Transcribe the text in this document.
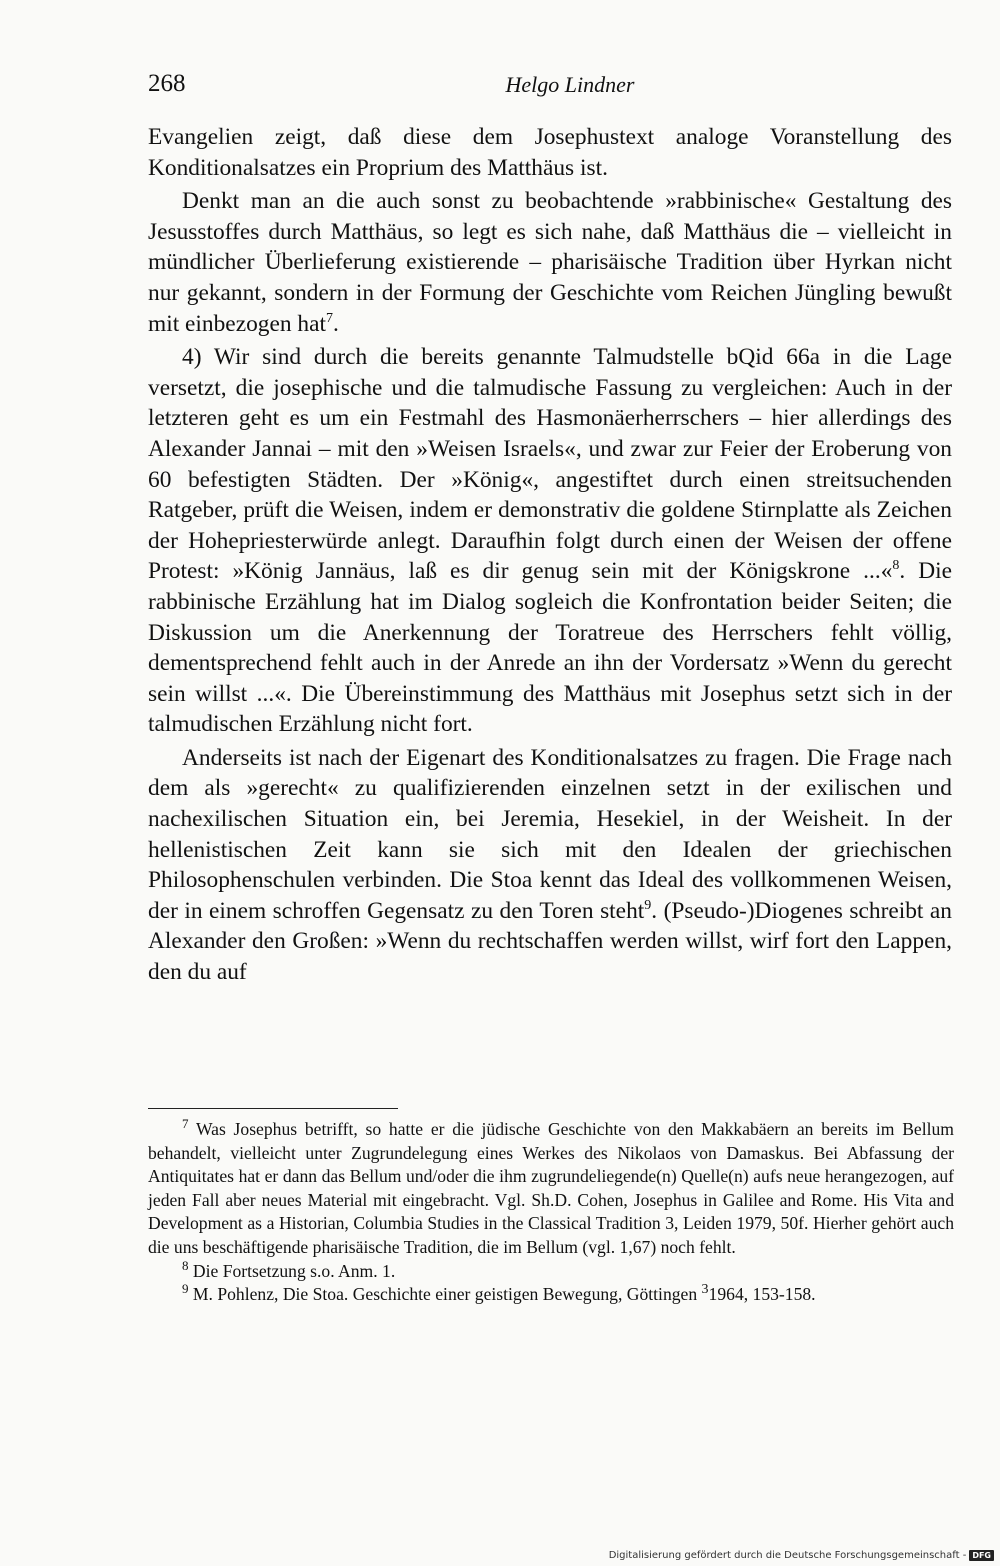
268	Helgo Lindner

Evangelien zeigt, daß diese dem Josephustext analoge Voranstellung des Konditionalsatzes ein Proprium des Matthäus ist.

Denkt man an die auch sonst zu beobachtende »rabbinische« Gestaltung des Jesusstoffes durch Matthäus, so legt es sich nahe, daß Matthäus die – vielleicht in mündlicher Überlieferung existierende – pharisäische Tradition über Hyrkan nicht nur gekannt, sondern in der Formung der Geschichte vom Reichen Jüngling bewußt mit einbezogen hat$^7$.

4) Wir sind durch die bereits genannte Talmudstelle bQid 66a in die Lage versetzt, die josephische und die talmudische Fassung zu vergleichen: Auch in der letzteren geht es um ein Festmahl des Hasmonäerherrschers – hier allerdings des Alexander Jannai – mit den »Weisen Israels«, und zwar zur Feier der Eroberung von 60 befestigten Städten. Der »König«, angestiftet durch einen streitsuchenden Ratgeber, prüft die Weisen, indem er demonstrativ die goldene Stirnplatte als Zeichen der Hohepriesterwürde anlegt. Daraufhin folgt durch einen der Weisen der offene Protest: »König Jannäus, laß es dir genug sein mit der Königskrone ...«$^8$. Die rabbinische Erzählung hat im Dialog sogleich die Konfrontation beider Seiten; die Diskussion um die Anerkennung der Toratreue des Herrschers fehlt völlig, dementsprechend fehlt auch in der Anrede an ihn der Vordersatz »Wenn du gerecht sein willst ...«. Die Übereinstimmung des Matthäus mit Josephus setzt sich in der talmudischen Erzählung nicht fort.

Anderseits ist nach der Eigenart des Konditionalsatzes zu fragen. Die Frage nach dem als »gerecht« zu qualifizierenden einzelnen setzt in der exilischen und nachexilischen Situation ein, bei Jeremia, Hesekiel, in der Weisheit. In der hellenistischen Zeit kann sie sich mit den Idealen der griechischen Philosophenschulen verbinden. Die Stoa kennt das Ideal des vollkommenen Weisen, der in einem schroffen Gegensatz zu den Toren steht$^9$. (Pseudo-)Diogenes schreibt an Alexander den Großen: »Wenn du rechtschaffen werden willst, wirf fort den Lappen, den du auf

$^7$ Was Josephus betrifft, so hatte er die jüdische Geschichte von den Makkabäern an bereits im Bellum behandelt, vielleicht unter Zugrundelegung eines Werkes des Nikolaos von Damaskus. Bei Abfassung der Antiquitates hat er dann das Bellum und/oder die ihm zugrundeliegende(n) Quelle(n) aufs neue herangezogen, auf jeden Fall aber neues Material mit eingebracht. Vgl. Sh.D. Cohen, Josephus in Galilee and Rome. His Vita and Development as a Historian, Columbia Studies in the Classical Tradition 3, Leiden 1979, 50f. Hierher gehört auch die uns beschäftigende pharisäische Tradition, die im Bellum (vgl. 1,67) noch fehlt.

$^8$ Die Fortsetzung s.o. Anm. 1.

$^9$ M. Pohlenz, Die Stoa. Geschichte einer geistigen Bewegung, Göttingen $^3$1964, 153-158.

Digitalisierung gefördert durch die Deutsche Forschungsgemeinschaft - DFG
